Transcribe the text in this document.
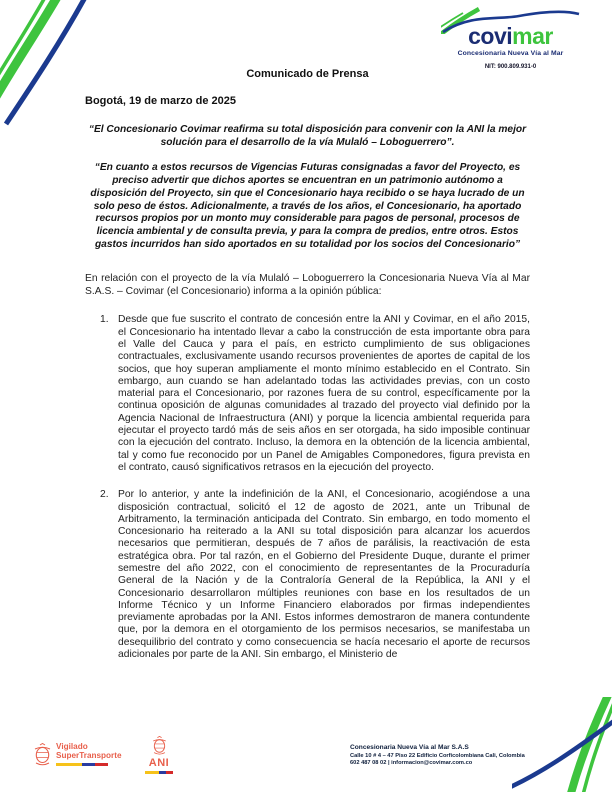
covimar
Concesionaria Nueva Vía al Mar
NIT: 900.809.931-0
Comunicado de Prensa
Bogotá, 19 de marzo de 2025
“El Concesionario Covimar reafirma su total disposición para convenir con la ANI la mejor solución para el desarrollo de la vía Mulaló – Loboguerrero”.
“En cuanto a estos recursos de Vigencias Futuras consignadas a favor del Proyecto, es preciso advertir que dichos aportes se encuentran en un patrimonio autónomo a disposición del Proyecto, sin que el Concesionario haya recibido o se haya lucrado de un solo peso de éstos. Adicionalmente, a través de los años, el Concesionario, ha aportado recursos propios por un monto muy considerable para pagos de personal, procesos de licencia ambiental y de consulta previa, y para la compra de predios, entre otros. Estos gastos incurridos han sido aportados en su totalidad por los socios del Concesionario”
En relación con el proyecto de la vía Mulaló – Loboguerrero la Concesionaria Nueva Vía al Mar S.A.S. – Covimar (el Concesionario) informa a la opinión pública:
1. Desde que fue suscrito el contrato de concesión entre la ANI y Covimar, en el año 2015, el Concesionario ha intentado llevar a cabo la construcción de esta importante obra para el Valle del Cauca y para el país, en estricto cumplimiento de sus obligaciones contractuales, exclusivamente usando recursos provenientes de aportes de capital de los socios, que hoy superan ampliamente el monto mínimo establecido en el Contrato. Sin embargo, aun cuando se han adelantado todas las actividades previas, con un costo material para el Concesionario, por razones fuera de su control, específicamente por la continua oposición de algunas comunidades al trazado del proyecto vial definido por la Agencia Nacional de Infraestructura (ANI) y porque la licencia ambiental requerida para ejecutar el proyecto tardó más de seis años en ser otorgada, ha sido imposible continuar con la ejecución del contrato. Incluso, la demora en la obtención de la licencia ambiental, tal y como fue reconocido por un Panel de Amigables Componedores, figura prevista en el contrato, causó significativos retrasos en la ejecución del proyecto.
2. Por lo anterior, y ante la indefinición de la ANI, el Concesionario, acogiéndose a una disposición contractual, solicitó el 12 de agosto de 2021, ante un Tribunal de Arbitramento, la terminación anticipada del Contrato. Sin embargo, en todo momento el Concesionario ha reiterado a la ANI su total disposición para alcanzar los acuerdos necesarios que permitieran, después de 7 años de parálisis, la reactivación de esta estratégica obra. Por tal razón, en el Gobierno del Presidente Duque, durante el primer semestre del año 2022, con el conocimiento de representantes de la Procuraduría General de la Nación y de la Contraloría General de la República, la ANI y el Concesionario desarrollaron múltiples reuniones con base en los resultados de un Informe Técnico y un Informe Financiero elaborados por firmas independientes previamente aprobadas por la ANI. Estos informes demostraron de manera contundente que, por la demora en el otorgamiento de los permisos necesarios, se manifestaba un desequilibrio del contrato y como consecuencia se hacía necesario el aporte de recursos adicionales por parte de la ANI. Sin embargo, el Ministerio de
Vigilado
SuperTransporte
ANI
Concesionaria Nueva Vía al Mar S.A.S
Calle 10 # 4 – 47 Piso 22 Edificio Corficolombiana Cali, Colombia
602 487 08 02 | informacion@covimar.com.co
